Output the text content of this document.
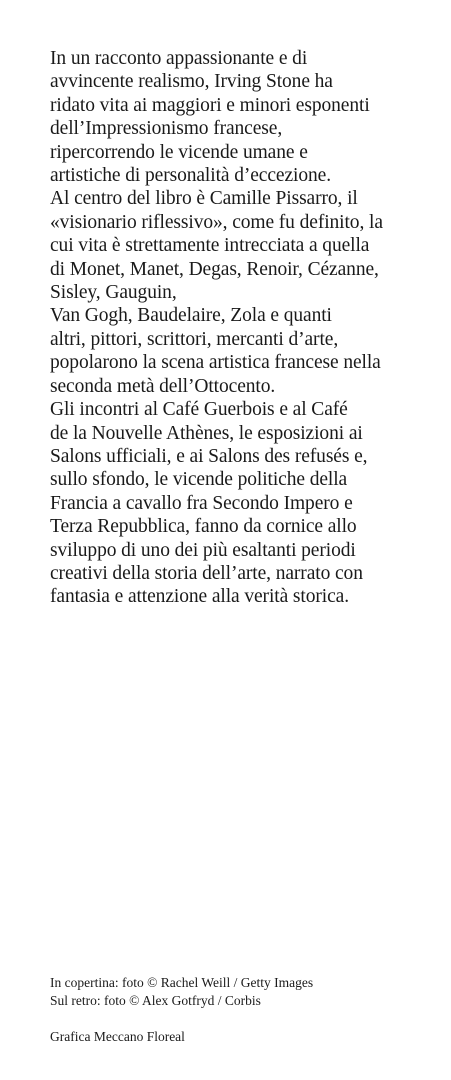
In un racconto appassionante e di
avvincente realismo, Irving Stone ha
ridato vita ai maggiori e minori esponenti
dell’Impressionismo francese,
ripercorrendo le vicende umane e
artistiche di personalità d’eccezione.
Al centro del libro è Camille Pissarro, il
«visionario riflessivo», come fu definito, la
cui vita è strettamente intrecciata a quella
di Monet, Manet, Degas, Renoir, Cézanne,
Sisley, Gauguin,
Van Gogh, Baudelaire, Zola e quanti
altri, pittori, scrittori, mercanti d’arte,
popolarono la scena artistica francese nella
seconda metà dell’Ottocento.
Gli incontri al Café Guerbois e al Café
de la Nouvelle Athènes, le esposizioni ai
Salons ufficiali, e ai Salons des refusés e,
sullo sfondo, le vicende politiche della
Francia a cavallo fra Secondo Impero e
Terza Repubblica, fanno da cornice allo
sviluppo di uno dei più esaltanti periodi
creativi della storia dell’arte, narrato con
fantasia e attenzione alla verità storica.
In copertina: foto © Rachel Weill / Getty Images
Sul retro: foto © Alex Gotfryd / Corbis
Grafica Meccano Floreal
